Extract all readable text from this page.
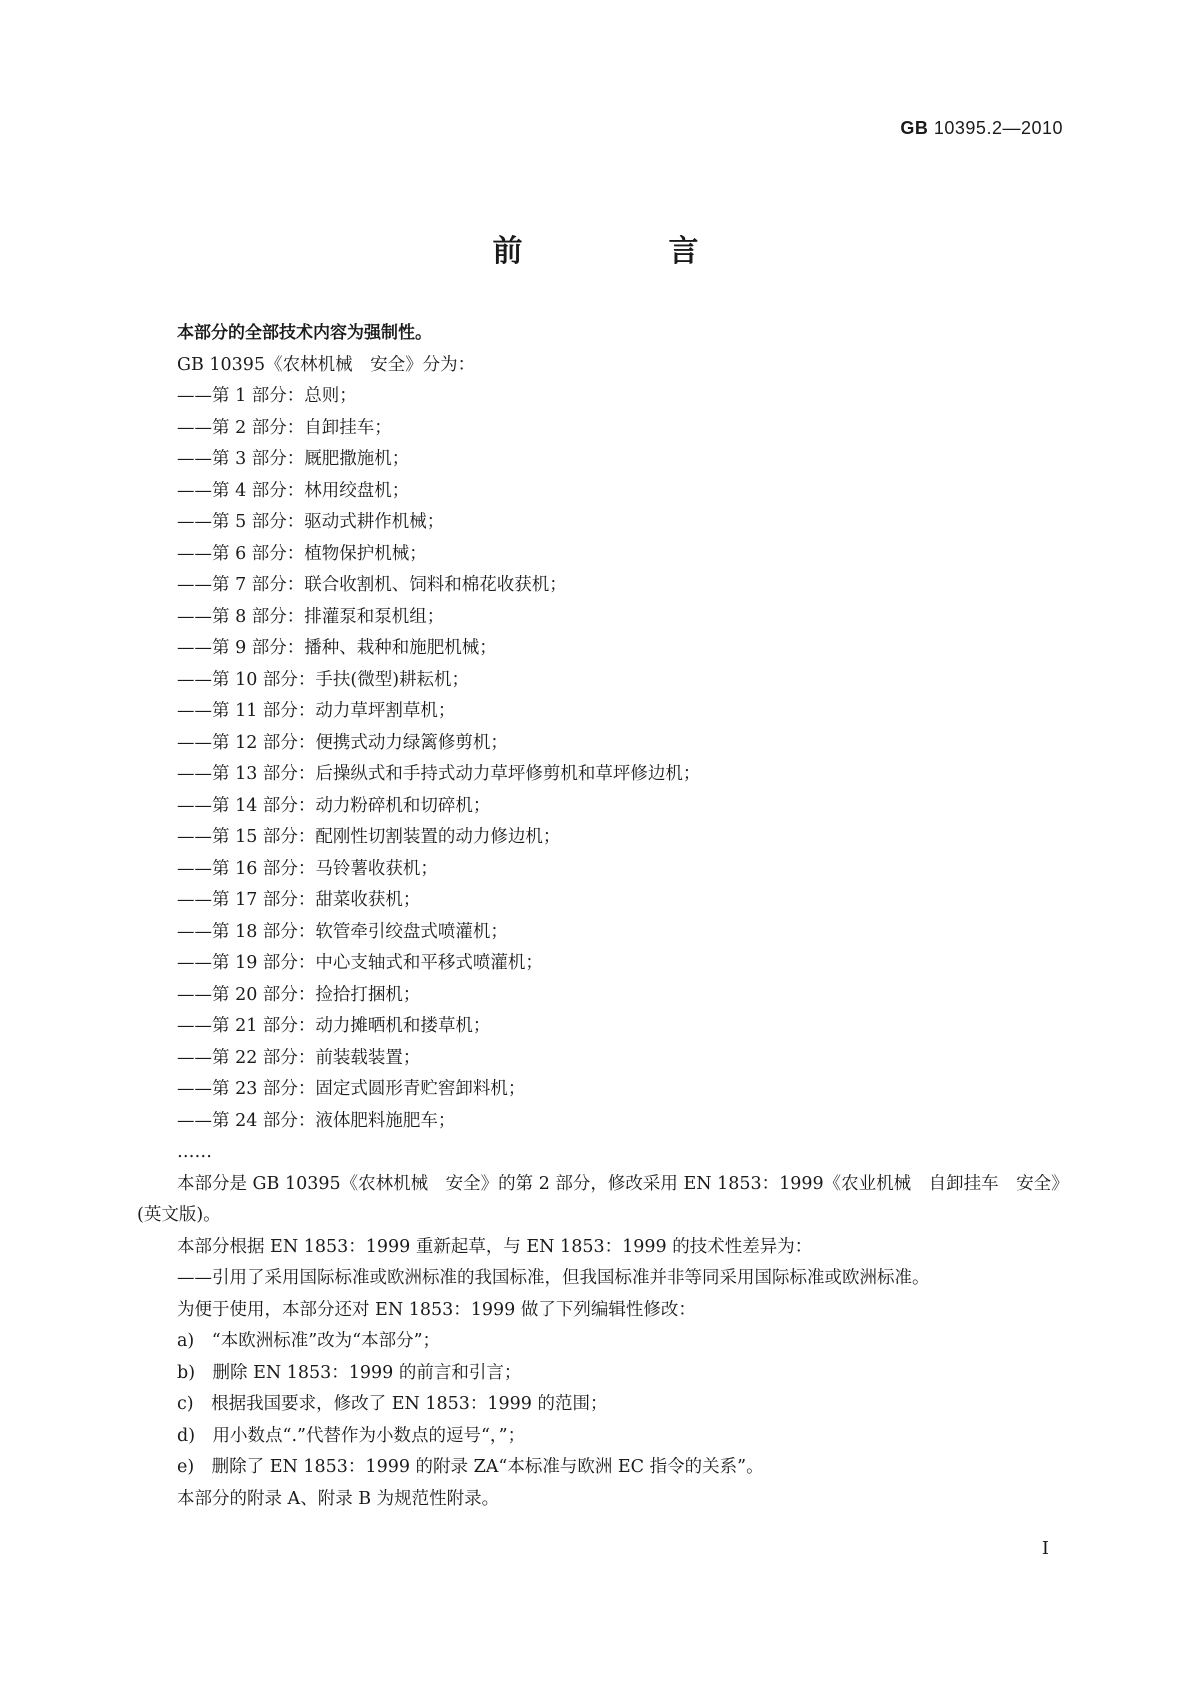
GB 10395.2—2010

前　言

本部分的全部技术内容为强制性。

GB 10395《农林机械　安全》分为：

——第 1 部分：总则；

——第 2 部分：自卸挂车；

——第 3 部分：厩肥撒施机；

——第 4 部分：林用绞盘机；

——第 5 部分：驱动式耕作机械；

——第 6 部分：植物保护机械；

——第 7 部分：联合收割机、饲料和棉花收获机；

——第 8 部分：排灌泵和泵机组；

——第 9 部分：播种、栽种和施肥机械；

——第 10 部分：手扶(微型)耕耘机；

——第 11 部分：动力草坪割草机；

——第 12 部分：便携式动力绿篱修剪机；

——第 13 部分：后操纵式和手持式动力草坪修剪机和草坪修边机；

——第 14 部分：动力粉碎机和切碎机；

——第 15 部分：配刚性切割装置的动力修边机；

——第 16 部分：马铃薯收获机；

——第 17 部分：甜菜收获机；

——第 18 部分：软管牵引绞盘式喷灌机；

——第 19 部分：中心支轴式和平移式喷灌机；

——第 20 部分：捡拾打捆机；

——第 21 部分：动力摊晒机和搂草机；

——第 22 部分：前装载装置；

——第 23 部分：固定式圆形青贮窖卸料机；

——第 24 部分：液体肥料施肥车；

……

本部分是 GB 10395《农林机械　安全》的第 2 部分，修改采用 EN 1853：1999《农业机械　自卸挂车　安全》(英文版)。

本部分根据 EN 1853：1999 重新起草，与 EN 1853：1999 的技术性差异为：

——引用了采用国际标准或欧洲标准的我国标准，但我国标准并非等同采用国际标准或欧洲标准。

为便于使用，本部分还对 EN 1853：1999 做了下列编辑性修改：

a)　“本欧洲标准”改为“本部分”；

b)　删除 EN 1853：1999 的前言和引言；

c)　根据我国要求，修改了 EN 1853：1999 的范围；

d)　用小数点“.”代替作为小数点的逗号“，”；

e)　删除了 EN 1853：1999 的附录 ZA“本标准与欧洲 EC 指令的关系”。

本部分的附录 A、附录 B 为规范性附录。

I
